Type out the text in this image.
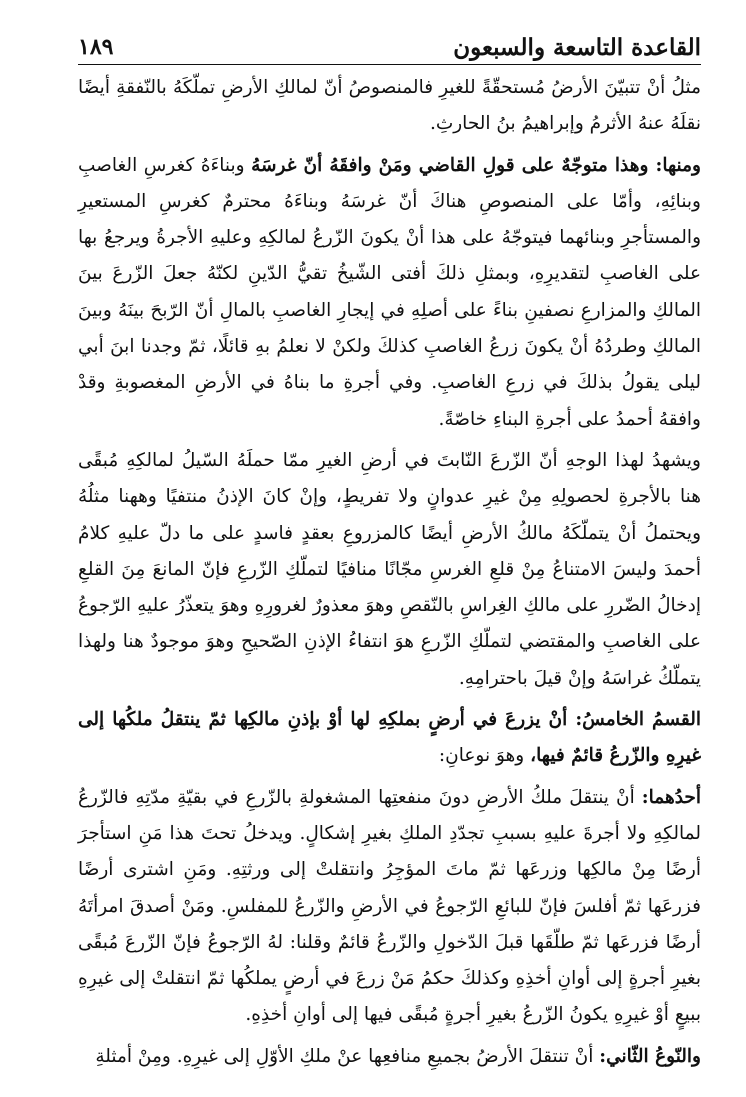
١٨٩	القاعدة التاسعة والسبعون

مثلُ أنْ تتبيّنَ الأرضُ مُستحقّةً للغيرِ فالمنصوصُ أنّ لمالكِ الأرضِ تملّكَهُ بالنّفقةِ أيضًا نقلَهُ عنهُ الأثرمُ وإبراهيمُ بنُ الحارثِ.

ومنها: وهذا متوجّهٌ على قولِ القاضي ومَنْ وافقَهُ أنّ غرسَهُ وبناءَهُ كغرسِ الغاصبِ وبنائِهِ، وأمّا على المنصوصِ هناكَ أنّ غرسَهُ وبناءَهُ محترمٌ كغرسِ المستعيرِ والمستأجرِ وبنائهما فيتوجّهُ على هذا أنْ يكونَ الزّرعُ لمالكِهِ وعليهِ الأجرةُ ويرجعُ بها على الغاصبِ لتقديرِهِ، وبمثلِ ذلكَ أفتى الشّيخُ تقيُّ الدّينِ لكنّهُ جعلَ الزّرعَ بينَ المالكِ والمزارعِ نصفينِ بناءً على أصلِهِ في إيجارِ الغاصبِ بالمالِ أنّ الرّبحَ بينَهُ وبينَ المالكِ وطردُهُ أنْ يكونَ زرعُ الغاصبِ كذلكَ ولكنْ لا نعلمُ بهِ قائلًا، ثمّ وجدنا ابنَ أبي ليلى يقولُ بذلكَ في زرعِ الغاصبِ. وفي أجرةِ ما بناهُ في الأرضِ المغصوبةِ وقدْ وافقهُ أحمدُ على أجرةِ البناءِ خاصّةً.

ويشهدُ لهذا الوجهِ أنّ الزّرعَ النّابتَ في أرضِ الغيرِ ممّا حملَهُ السّيلُ لمالكِهِ مُبقًى هنا بالأجرةِ لحصولِهِ مِنْ غيرِ عدوانٍ ولا تفريطٍ، وإنْ كانَ الإذنُ منتفيًا وههنا مثلُهُ ويحتملُ أنْ يتملّكَهُ مالكُ الأرضِ أيضًا كالمزروعِ بعقدٍ فاسدٍ على ما دلّ عليهِ كلامُ أحمدَ وليسَ الامتناعُ مِنْ قلعِ الغرسِ مجّانًا منافيًا لتملّكِ الزّرعِ فإنّ المانعَ مِنَ القلعِ إدخالُ الضّررِ على مالكِ الغِراسِ بالنّقصِ وهوَ معذورٌ لغرورِهِ وهوَ يتعذّرُ عليهِ الرّجوعُ على الغاصبِ والمقتضي لتملّكِ الزّرعِ هوَ انتفاءُ الإذنِ الصّحيحِ وهوَ موجودٌ هنا ولهذا يتملّكُ غراسَهُ وإنْ قيلَ باحترامِهِ.

القسمُ الخامسُ: أنْ يزرعَ في أرضٍ بملكِهِ لها أوْ بإذنِ مالكِها ثمّ ينتقلُ ملكُها إلى غيرِهِ والزّرعُ قائمٌ فيها، وهوَ نوعانِ:

أحدُهما: أنْ ينتقلَ ملكُ الأرضِ دونَ منفعتِها المشغولةِ بالزّرعِ في بقيّةِ مدّتِهِ فالزّرعُ لمالكِهِ ولا أجرةَ عليهِ بسببِ تجدّدِ الملكِ بغيرِ إشكالٍ. ويدخلُ تحتَ هذا مَنِ استأجرَ أرضًا مِنْ مالكِها وزرعَها ثمّ ماتَ المؤجِرُ وانتقلتْ إلى ورثتِهِ. ومَنِ اشترى أرضًا فزرعَها ثمّ أفلسَ فإنّ للبائعِ الرّجوعُ في الأرضِ والزّرعُ للمفلسِ. ومَنْ أصدقَ امرأتَهُ أرضًا فزرعَها ثمّ طلّقَها قبلَ الدّخولِ والزّرعُ قائمٌ وقلنا: لهُ الرّجوعُ فإنّ الزّرعَ مُبقًى بغيرِ أجرةٍ إلى أوانِ أخذِهِ وكذلكَ حكمُ مَنْ زرعَ في أرضٍ يملكُها ثمّ انتقلتْ إلى غيرِهِ ببيعٍ أوْ غيرِهِ يكونُ الزّرعُ بغيرِ أجرةٍ مُبقًى فيها إلى أوانِ أخذِهِ.

والنّوعُ الثّاني: أنْ تنتقلَ الأرضُ بجميعِ منافعِها عنْ ملكِ الأوّلِ إلى غيرِهِ. ومِنْ أمثلةِ
